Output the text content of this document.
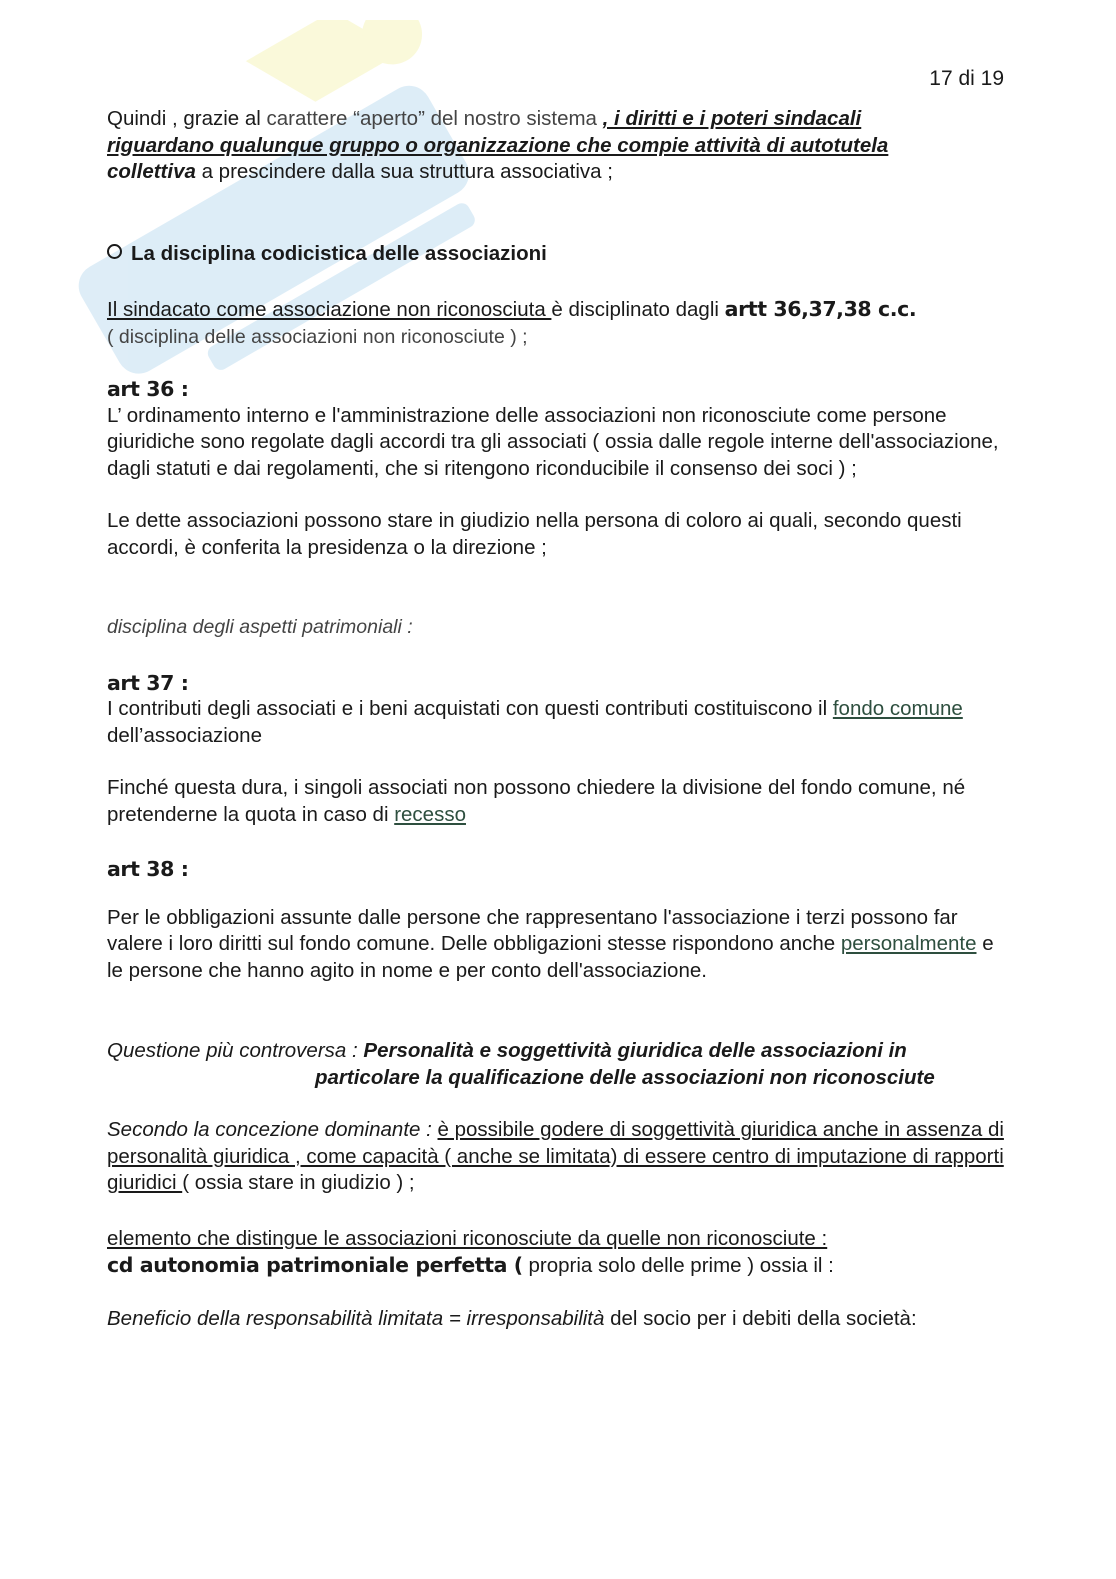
17 di 19

Quindi , grazie al carattere “aperto” del nostro sistema , i diritti e i poteri sindacali
riguardano qualunque gruppo o organizzazione che compie attività di autotutela
collettiva a prescindere dalla sua struttura associativa ;

La disciplina codicistica delle associazioni

Il sindacato come associazione non riconosciuta è disciplinato dagli artt 36,37,38 c.c.
( disciplina delle associazioni non riconosciute ) ;

art 36 :

L’ ordinamento interno e l'amministrazione delle associazioni non riconosciute come persone giuridiche sono regolate dagli accordi tra gli associati ( ossia dalle regole interne dell'associazione, dagli statuti e dai regolamenti, che si ritengono riconducibile il consenso dei soci ) ;

Le dette associazioni possono stare in giudizio nella persona di coloro ai quali, secondo questi accordi, è conferita la presidenza o la direzione ;

disciplina degli aspetti patrimoniali :

art 37 :

I contributi degli associati e i beni acquistati con questi contributi costituiscono il fondo comune dell’associazione

Finché questa dura, i singoli associati non possono chiedere la divisione del fondo comune, né pretenderne la quota in caso di recesso

art 38 :

Per le obbligazioni assunte dalle persone che rappresentano l'associazione i terzi possono far valere i loro diritti sul fondo comune. Delle obbligazioni stesse rispondono anche personalmente e le persone che hanno agito in nome e per conto dell'associazione.

Questione più controversa : Personalità e soggettività giuridica delle associazioni in
particolare la qualificazione delle associazioni non riconosciute

Secondo la concezione dominante : è possibile godere di soggettività giuridica anche in assenza di personalità giuridica , come capacità ( anche se limitata) di essere centro di imputazione di rapporti giuridici ( ossia stare in giudizio ) ;

elemento che distingue le associazioni riconosciute da quelle non riconosciute :

cd autonomia patrimoniale perfetta ( propria solo delle prime ) ossia il :

Beneficio della responsabilità limitata = irresponsabilità del socio per i debiti della società:
